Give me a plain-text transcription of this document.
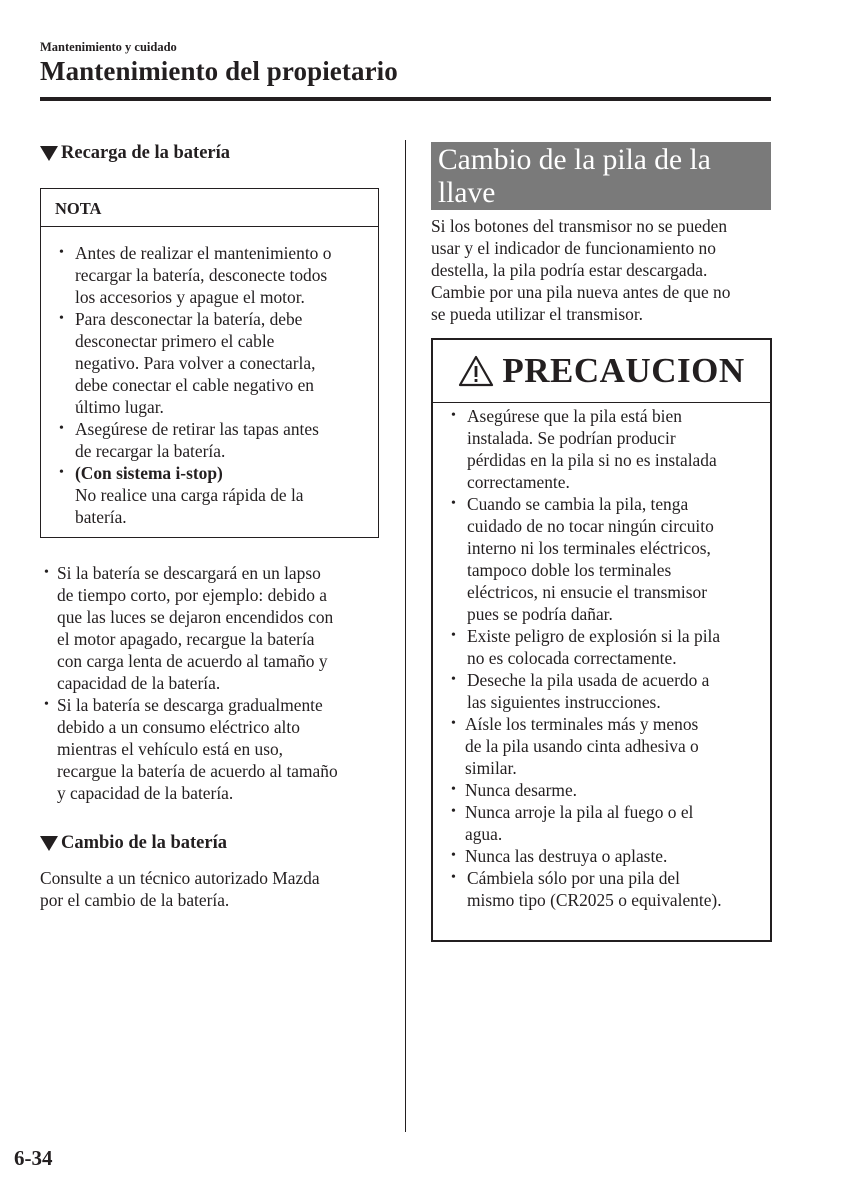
Mantenimiento y cuidado
Mantenimiento del propietario
Recarga de la batería
NOTA
• Antes de realizar el mantenimiento o
recargar la batería, desconecte todos
los accesorios y apague el motor.
• Para desconectar la batería, debe
desconectar primero el cable
negativo. Para volver a conectarla,
debe conectar el cable negativo en
último lugar.
• Asegúrese de retirar las tapas antes
de recargar la batería.
• (Con sistema i-stop)
No realice una carga rápida de la
batería.
• Si la batería se descargará en un lapso
de tiempo corto, por ejemplo: debido a
que las luces se dejaron encendidos con
el motor apagado, recargue la batería
con carga lenta de acuerdo al tamaño y
capacidad de la batería.
• Si la batería se descarga gradualmente
debido a un consumo eléctrico alto
mientras el vehículo está en uso,
recargue la batería de acuerdo al tamaño
y capacidad de la batería.
Cambio de la batería
Consulte a un técnico autorizado Mazda
por el cambio de la batería.
Cambio de la pila de la
llave
Si los botones del transmisor no se pueden
usar y el indicador de funcionamiento no
destella, la pila podría estar descargada.
Cambie por una pila nueva antes de que no
se pueda utilizar el transmisor.
PRECAUCION
• Asegúrese que la pila está bien
instalada. Se podrían producir
pérdidas en la pila si no es instalada
correctamente.
• Cuando se cambia la pila, tenga
cuidado de no tocar ningún circuito
interno ni los terminales eléctricos,
tampoco doble los terminales
eléctricos, ni ensucie el transmisor
pues se podría dañar.
• Existe peligro de explosión si la pila
no es colocada correctamente.
• Deseche la pila usada de acuerdo a
las siguientes instrucciones.
• Aísle los terminales más y menos
de la pila usando cinta adhesiva o
similar.
• Nunca desarme.
• Nunca arroje la pila al fuego o el
agua.
• Nunca las destruya o aplaste.
• Cámbiela sólo por una pila del
mismo tipo (CR2025 o equivalente).
6-34
